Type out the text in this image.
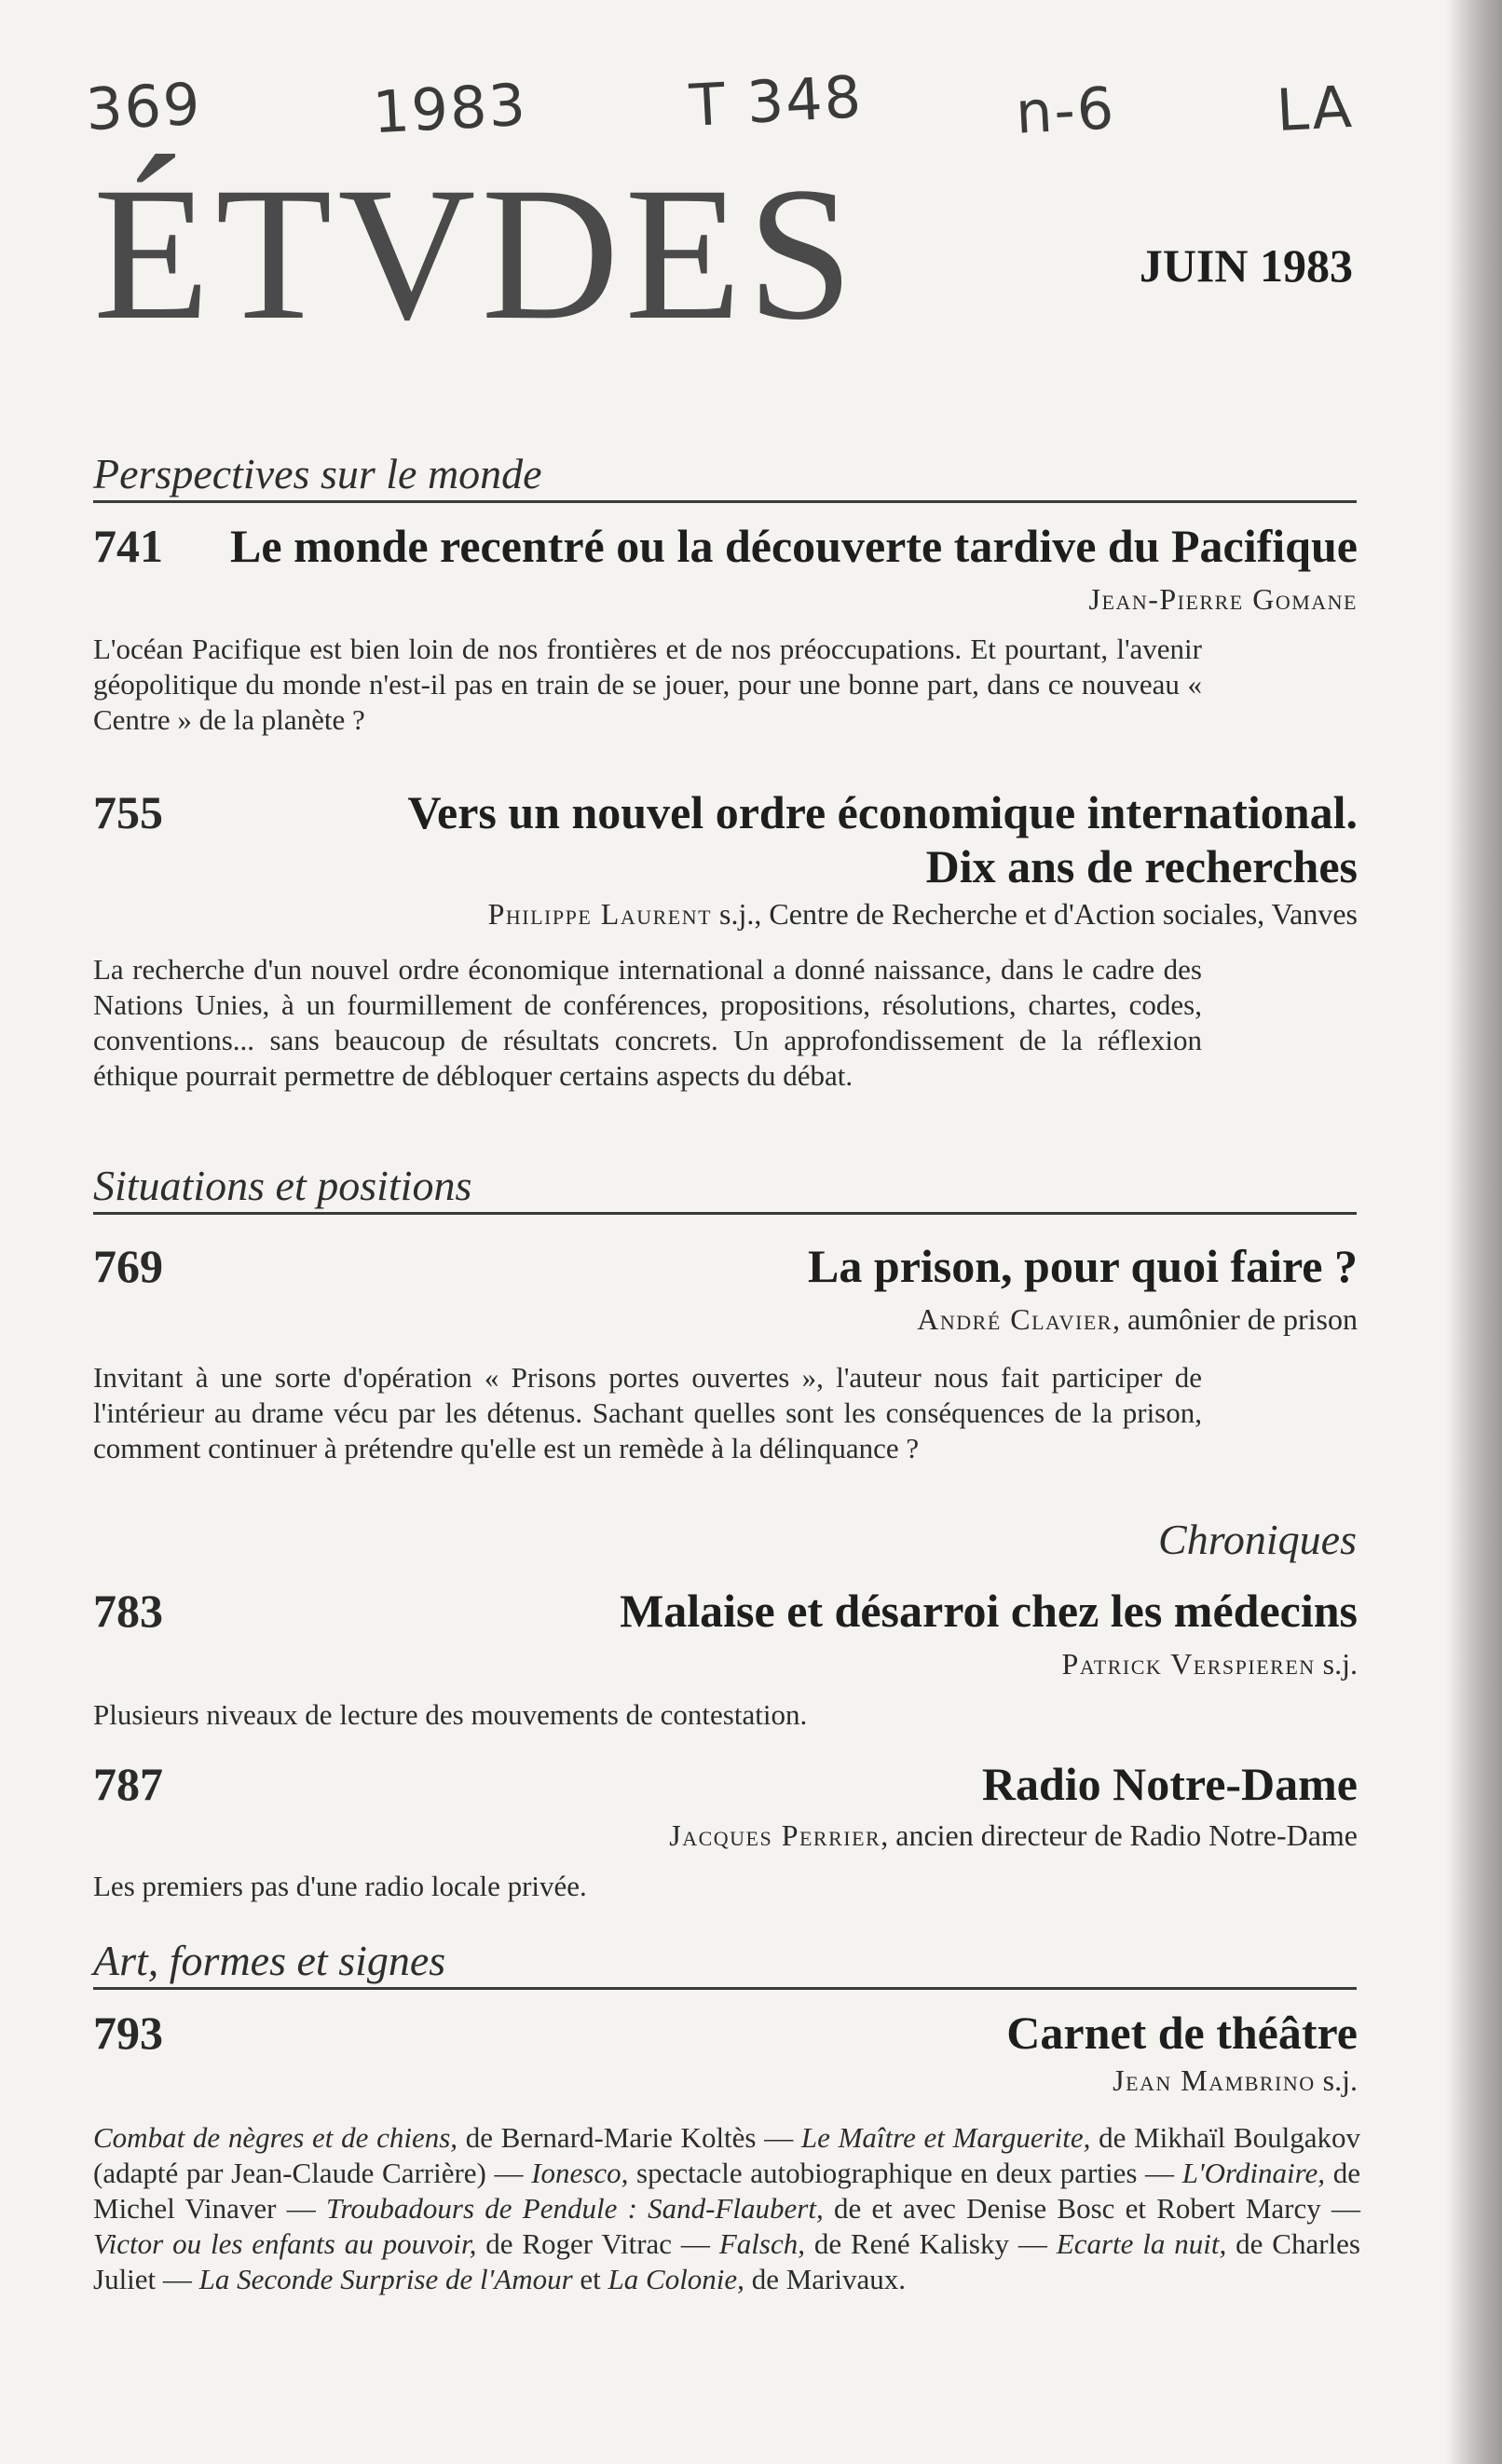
369	1983	T 348	n-6	LA
ÉTVDES	JUIN 1983
Perspectives sur le monde
741 Le monde recentré ou la découverte tardive du Pacifique
Jean-Pierre Gomane

L'océan Pacifique est bien loin de nos frontières et de nos préoccupations. Et pourtant, l'avenir géopolitique du monde n'est-il pas en train de se jouer, pour une bonne part, dans ce nouveau « Centre » de la planète ?

755	Vers un nouvel ordre économique international.
Dix ans de recherches
Philippe Laurent s.j., Centre de Recherche et d'Action sociales, Vanves

La recherche d'un nouvel ordre économique international a donné naissance, dans le cadre des Nations Unies, à un fourmillement de conférences, propositions, résolutions, chartes, codes, conventions... sans beaucoup de résultats concrets. Un approfondissement de la réflexion éthique pourrait permettre de débloquer certains aspects du débat.

Situations et positions
769	La prison, pour quoi faire ?
André Clavier, aumônier de prison

Invitant à une sorte d'opération « Prisons portes ouvertes », l'auteur nous fait participer de l'intérieur au drame vécu par les détenus. Sachant quelles sont les conséquences de la prison, comment continuer à prétendre qu'elle est un remède à la délinquance ?

Chroniques
783	Malaise et désarroi chez les médecins
Patrick Verspieren s.j.

Plusieurs niveaux de lecture des mouvements de contestation.

787	Radio Notre-Dame
Jacques Perrier, ancien directeur de Radio Notre-Dame

Les premiers pas d'une radio locale privée.

Art, formes et signes
793	Carnet de théâtre
Jean Mambrino s.j.

Combat de nègres et de chiens, de Bernard-Marie Koltès — Le Maître et Marguerite, de Mikhaïl Boulgakov (adapté par Jean-Claude Carrière) — Ionesco, spectacle autobiographique en deux parties — L'Ordinaire, de Michel Vinaver — Troubadours de Pendule : Sand-Flaubert, de et avec Denise Bosc et Robert Marcy — Victor ou les enfants au pouvoir, de Roger Vitrac — Falsch, de René Kalisky — Ecarte la nuit, de Charles Juliet — La Seconde Surprise de l'Amour et La Colonie, de Marivaux.
